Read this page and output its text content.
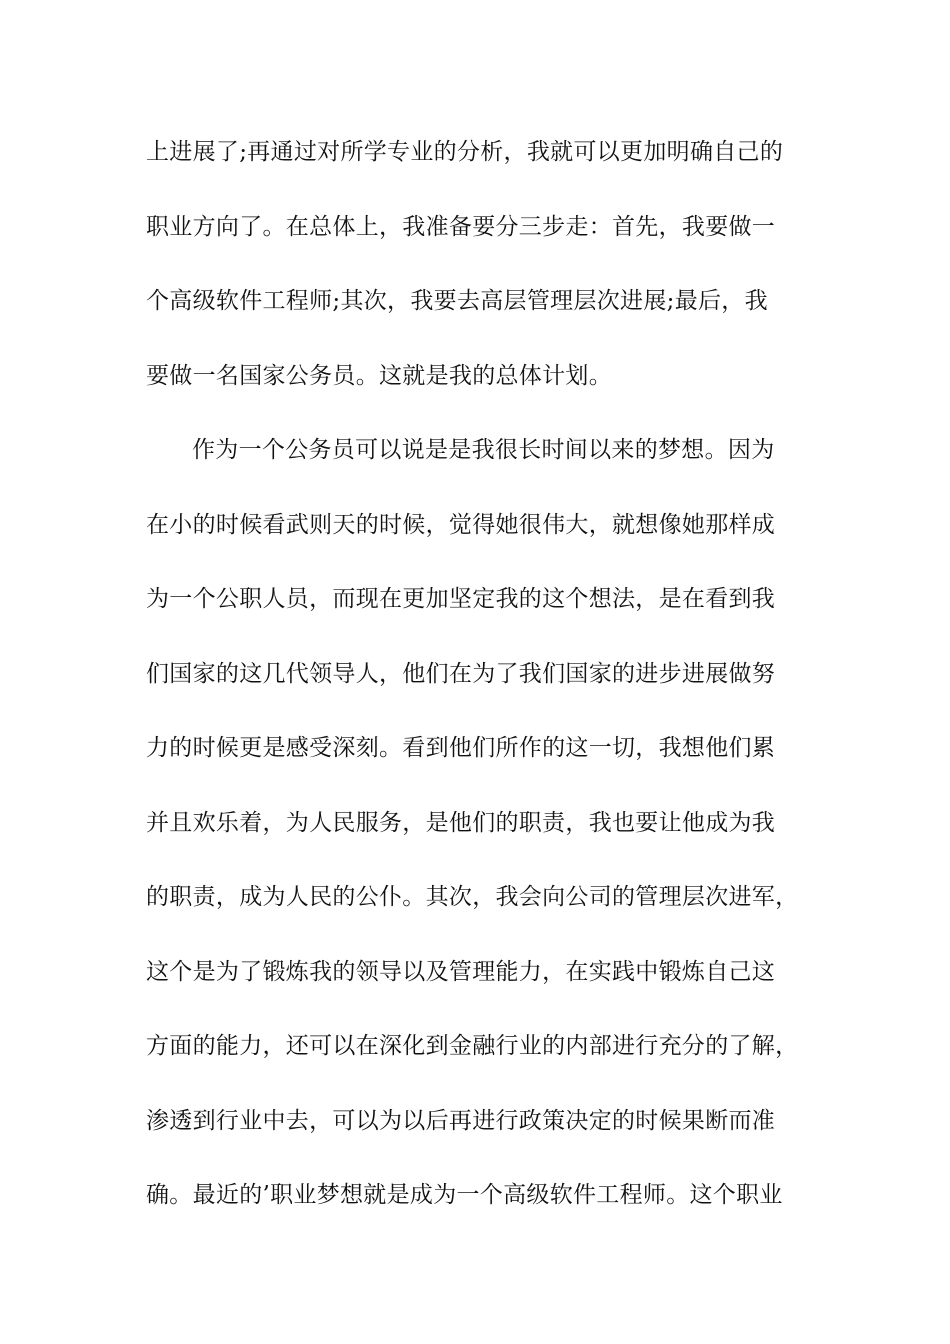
上进展了;再通过对所学专业的分析，我就可以更加明确自己的
职业方向了。在总体上，我准备要分三步走：首先，我要做一
个高级软件工程师;其次，我要去高层管理层次进展;最后，我
要做一名国家公务员。这就是我的总体计划。
作为一个公务员可以说是是我很长时间以来的梦想。因为
在小的时候看武则天的时候，觉得她很伟大，就想像她那样成
为一个公职人员，而现在更加坚定我的这个想法，是在看到我
们国家的这几代领导人，他们在为了我们国家的进步进展做努
力的时候更是感受深刻。看到他们所作的这一切，我想他们累
并且欢乐着，为人民服务，是他们的职责，我也要让他成为我
的职责，成为人民的公仆。其次，我会向公司的管理层次进军，
这个是为了锻炼我的领导以及管理能力，在实践中锻炼自己这
方面的能力，还可以在深化到金融行业的内部进行充分的了解，
渗透到行业中去，可以为以后再进行政策决定的时候果断而准
确。最近的’职业梦想就是成为一个高级软件工程师。这个职业
